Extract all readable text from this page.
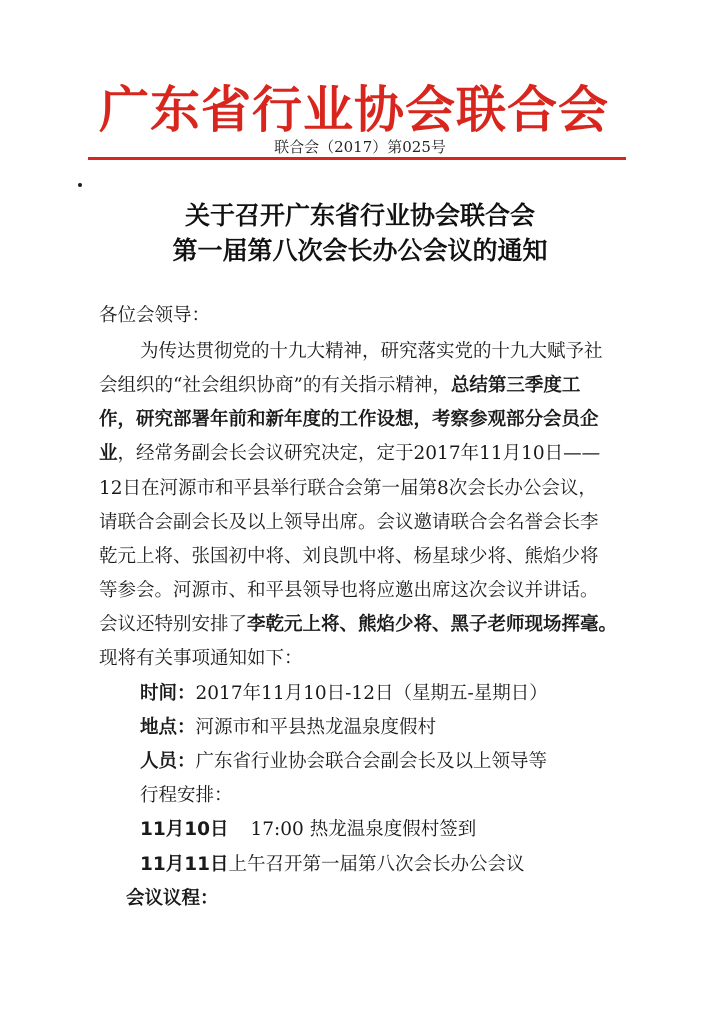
广东省行业协会联合会
联合会（2017）第025号
关于召开广东省行业协会联合会
第一届第八次会长办公会议的通知
各位会领导：
为传达贯彻党的十九大精神，研究落实党的十九大赋予社
会组织的“社会组织协商”的有关指示精神，总结第三季度工
作，研究部署年前和新年度的工作设想，考察参观部分会员企
业，经常务副会长会议研究决定，定于2017年11月10日——
12日在河源市和平县举行联合会第一届第8次会长办公会议，
请联合会副会长及以上领导出席。会议邀请联合会名誉会长李
乾元上将、张国初中将、刘良凯中将、杨星球少将、熊焰少将
等参会。河源市、和平县领导也将应邀出席这次会议并讲话。
会议还特别安排了李乾元上将、熊焰少将、黑子老师现场挥毫。
现将有关事项通知如下：
时间：2017年11月10日-12日（星期五-星期日）
地点：河源市和平县热龙温泉度假村
人员：广东省行业协会联合会副会长及以上领导等
行程安排：
11月10日 17:00 热龙温泉度假村签到
11月11日上午召开第一届第八次会长办公会议
会议议程：
